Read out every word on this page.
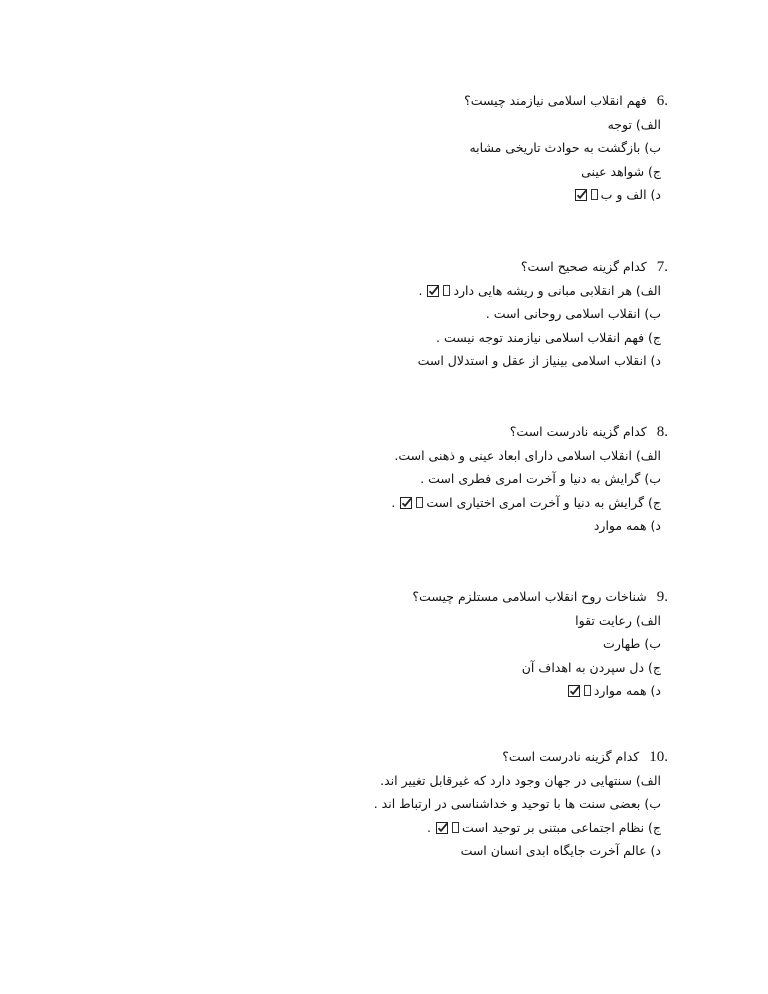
6.
فهم انقلاب اسلامی نیازمند چیست؟
الف) توجه
ب) بازگشت به حوادث تاریخی مشابه
ج) شواهد عینی
د) الف و ب
7.
کدام گزینه صحیح است؟
الف) هر انقلابی مبانی و ریشه هایی دارد.
ب) انقلاب اسلامی روحانی است .
ج) فهم انقلاب اسلامی نیازمند توجه نیست .
د) انقلاب اسلامی بینیاز از عقل و استدلال است
8.
کدام گزینه نادرست است؟
الف) انقلاب اسلامی دارای ابعاد عینی و ذهنی است.
ب) گرایش به دنیا و آخرت امری فطری است .
ج) گرایش به دنیا و آخرت امری اختیاری است.
د) همه موارد
9.
شناخات روح انقلاب اسلامی مستلزم چیست؟
الف) رعایت تقوا
ب) طهارت
ج) دل سپردن به اهداف آن
د) همه موارد
10.
کدام گزینه نادرست است؟
الف) سنتهایی در جهان وجود دارد که غیرقابل تغییر اند.
ب) بعضی سنت ها با توحید و خداشناسی در ارتباط اند .
ج) نظام اجتماعی مبتنی بر توحید است.
د) عالم آخرت جایگاه ابدی انسان است
